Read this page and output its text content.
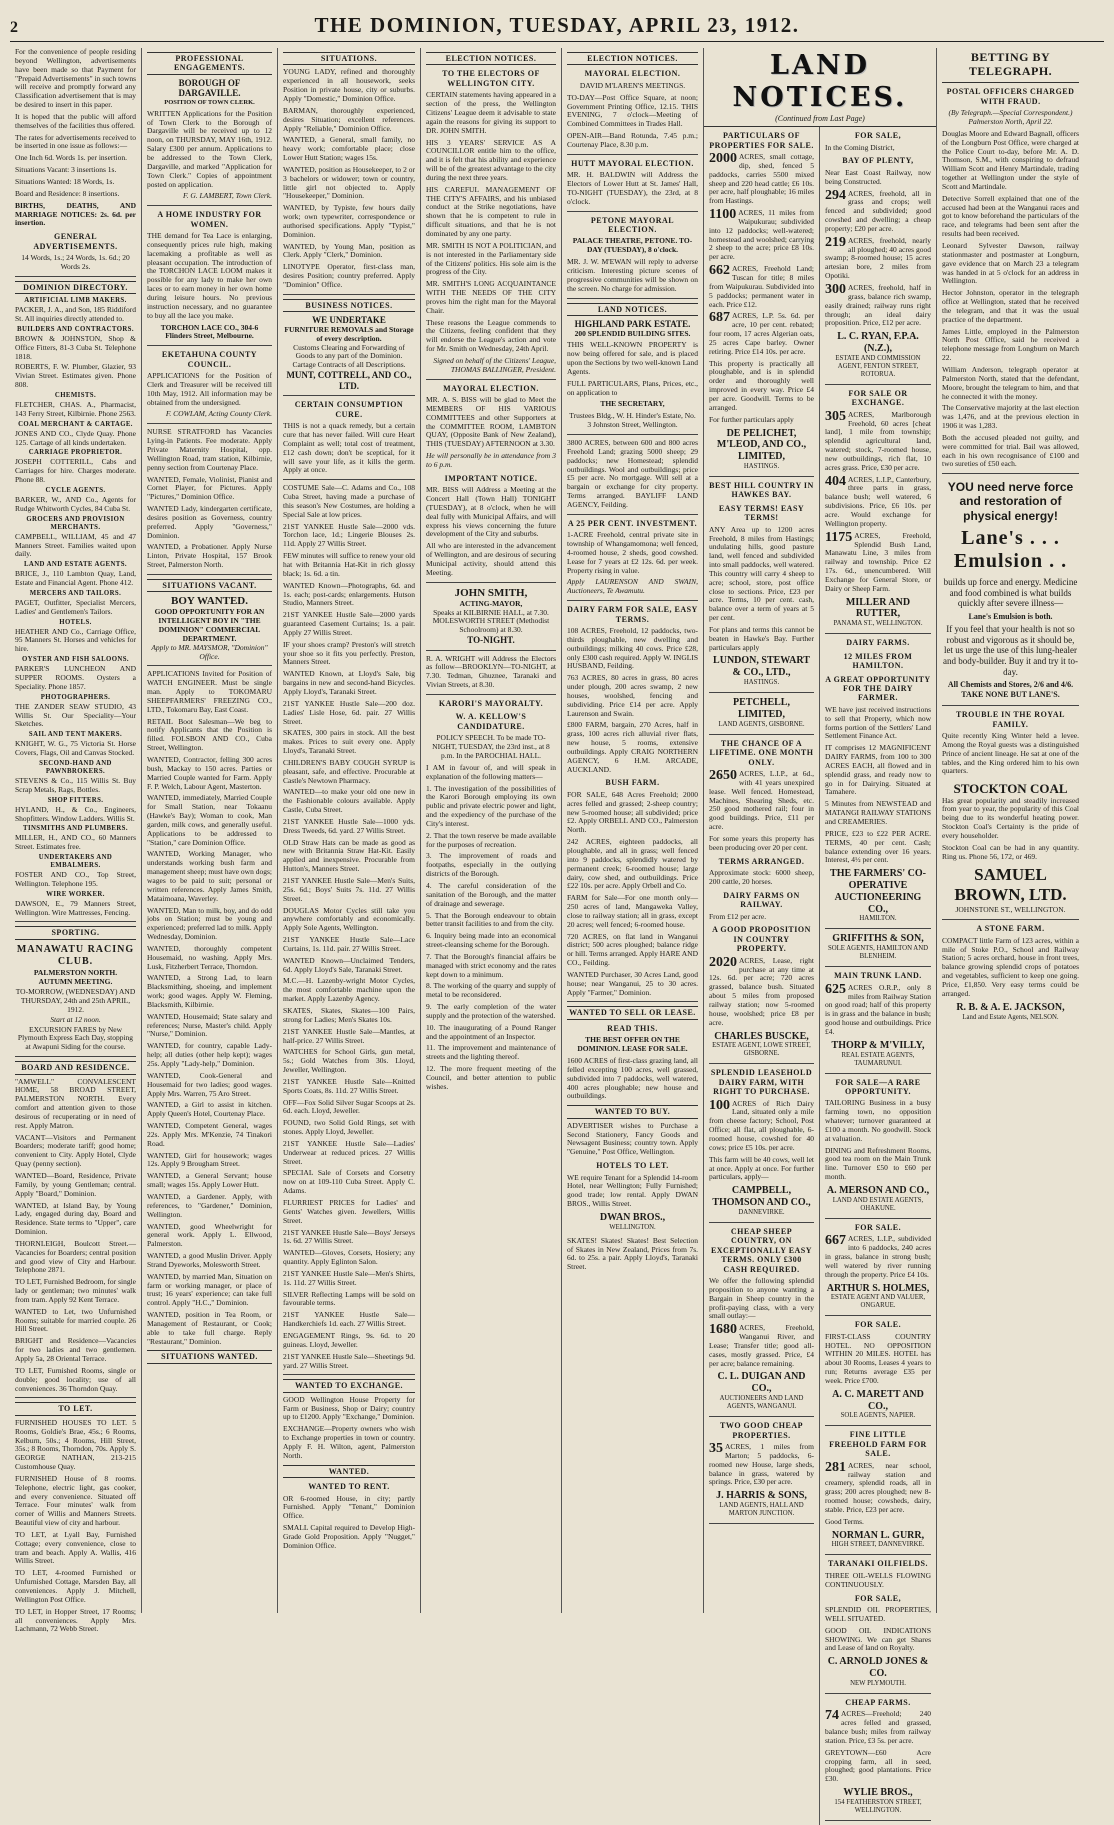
2	THE DOMINION, TUESDAY, APRIL 23, 1912.
For the convenience of people residing beyond Wellington, advertisements have been made so that Payment for "Prepaid Advertisements" in such towns will receive and promptly forward any Classification advertisement that is may be desired to insert in this paper.
It is hoped that the public will afford themselves of the facilities thus offered.
The rates for advertisements received to be inserted in one issue as follows:—
One Inch 6d. Words 1s. per insertion.
Situations Vacant: 3 insertions 1s.
Situations Wanted: 18 Words, 1s.
Board and Residence: 8 insertions.
BIRTHS, DEATHS, AND MARRIAGE NOTICES: 2s. 6d. per insertion.
GENERAL ADVERTISEMENTS.
14 Words, 1s.; 24 Words, 1s. 6d.; 20 Words 2s.
DOMINION DIRECTORY.
ARTIFICIAL LIMB MAKERS.
PACKER, J. A., and Son, 185 Riddiford St. All inquiries directly attended to.
BUILDERS AND CONTRACTORS.
BROWN & JOHNSTON, Shop & Office Fitters, 81-3 Cuba St. Telephone 1818.
ROBERTS, F. W. Plumber, Glazier, 93 Vivian Street. Estimates given. Phone 808.
CHEMISTS.
FLETCHER, CHAS. A., Pharmacist, 143 Ferry Street, Kilbirnie. Phone 2563.
COAL MERCHANT & CARTAGE.
JONES AND CO., Clyde Quay. Phone 125. Cartage of all kinds undertaken.
CARRIAGE PROPRIETOR.
JOSEPH COTTERILL, Cabs and Carriages for hire. Charges moderate. Phone 88.
CYCLE AGENTS.
BARKER, W., AND Co., Agents for Rudge Whitworth Cycles, 84 Cuba St.
GROCERS AND PROVISION MERCHANTS.
CAMPBELL, WILLIAM, 45 and 47 Manners Street. Families waited upon daily.
LAND AND ESTATE AGENTS.
BRICE, J., 110 Lambton Quay, Land, Estate and Financial Agent. Phone 412.
MERCERS AND TAILORS.
PAGET, Outfitter, Specialist Mercers, Ladies' and Gentlemen's Tailors.
HOTELS.
HEATHER AND Co., Carriage Office, 95 Manners St. Horses and vehicles for hire.
OYSTER AND FISH SALOONS.
PARKER'S LUNCHEON AND SUPPER ROOMS. Oysters a Speciality. Phone 1857.
PHOTOGRAPHERS.
THE ZANDER SEAW STUDIO, 43 Willis St. Our Speciality—Your Sketches.
SAIL AND TENT MAKERS.
KNIGHT, W. G., 75 Victoria St. Horse Covers, Flags, Oil and Canvas Stocked.
SECOND-HAND AND PAWNBROKERS.
STEVENS & Co., 115 Willis St. Buy Scrap Metals, Rags, Bottles.
SHOP FITTERS.
HYLAND, H., & Co., Engineers, Shopfitters. Window Ladders. Willis St.
TINSMITHS AND PLUMBERS.
MILLER, H., AND CO., 60 Manners Street. Estimates free.
UNDERTAKERS AND EMBALMERS.
FOSTER AND CO., Top Street, Wellington. Telephone 195.
WIRE WORKER.
DAWSON, E., 79 Manners Street, Wellington. Wire Mattresses, Fencing.
SPORTING.
MANAWATU RACING CLUB.
PALMERSTON NORTH.
AUTUMN MEETING.
TO-MORROW, (WEDNESDAY) AND THURSDAY, 24th and 25th APRIL, 1912.
Start at 12 noon.
EXCURSION FARES by New Plymouth Express Each Day, stopping at Awapuni Siding for the course.
BOARD AND RESIDENCE.
"AMWELL" CONVALESCENT HOME, 58 BROAD STREET, PALMERSTON NORTH. Every comfort and attention given to those desirous of recuperating or in need of rest. Apply Matron.
VACANT—Visitors and Permanent Boarders; moderate tariff; good home; convenient to City. Apply Hotel, Clyde Quay (penny section).
WANTED—Board, Residence, Private Family, by young Gentleman; central. Apply "Board," Dominion.
WANTED, at Island Bay, by Young Lady, engaged during day, Board and Residence. State terms to "Upper", care Dominion.
THORNLEIGH, Boulcott Street.—Vacancies for Boarders; central position and good view of City and Harbour. Telephone 2871.
TO LET, Furnished Bedroom, for single lady or gentleman; two minutes' walk from tram. Apply 92 Kent Terrace.
WANTED to Let, two Unfurnished Rooms; suitable for married couple. 26 Hill Street.
BRIGHT and Residence—Vacancies for two ladies and two gentlemen. Apply 5a, 28 Oriental Terrace.
TO LET, Furnished Rooms, single or double; good locality; use of all conveniences. 36 Thorndon Quay.
TO LET.
FURNISHED HOUSES TO LET. 5 Rooms, Goldie's Brae, 45s.; 6 Rooms, Kelburn, 50s.; 4 Rooms, Hill Street, 35s.; 8 Rooms, Thorndon, 70s. Apply S. GEORGE NATHAN, 213-215 Customhouse Quay.
FURNISHED House of 8 rooms. Telephone, electric light, gas cooker, and every convenience. Situated off Terrace. Four minutes' walk from corner of Willis and Manners Streets. Beautiful view of city and harbour.
TO LET, at Lyall Bay, Furnished Cottage; every convenience, close to tram and beach. Apply A. Wallis, 416 Willis Street.
TO LET, 4-roomed Furnished or Unfurnished Cottage, Marsden Bay, all conveniences. Apply J. Mitchell, Wellington Post Office.
TO LET, in Hopper Street, 17 Rooms; all conveniences. Apply Mrs. Lachmann, 72 Webb Street.
PROFESSIONAL ENGAGEMENTS.
BOROUGH OF DARGAVILLE.
POSITION OF TOWN CLERK.
WRITTEN Applications for the Position of Town Clerk to the Borough of Dargaville will be received up to 12 noon, on THURSDAY, MAY 16th, 1912. Salary £300 per annum. Applications to be addressed to the Town Clerk, Dargaville, and marked "Application for Town Clerk." Copies of appointment posted on application.
F. G. LAMBERT, Town Clerk.
A HOME INDUSTRY FOR WOMEN.
THE demand for Tea Lace is enlarging, consequently prices rule high, making lacemaking a profitable as well as pleasant occupation. The introduction of the TORCHON LACE LOOM makes it possible for any lady to make her own laces or to earn money in her own home during leisure hours. No previous instruction necessary, and no guarantee to buy all the lace you make.
TORCHON LACE CO., 304-6 Flinders Street, Melbourne.
EKETAHUNA COUNTY COUNCIL.
APPLICATIONS for the Position of Clerk and Treasurer will be received till 10th May, 1912. All information may be obtained from the undersigned.
F. COWLAM, Acting County Clerk.
NURSE STRATFORD has Vacancies Lying-in Patients. Fee moderate. Apply Private Maternity Hospital, opp. Wellington Road, tram station, Kilbirnie, penny section from Courtenay Place.
WANTED, Female, Violinist, Pianist and Cornet Player, for Pictures. Apply "Pictures," Dominion Office.
WANTED Lady, kindergarten certificate, desires position as Governess, country preferred. Apply "Governess," Dominion.
WANTED, a Probationer. Apply Nurse Linton, Private Hospital, 157 Brook Street, Palmerston North.
SITUATIONS VACANT.
BOY WANTED.
GOOD OPPORTUNITY FOR AN INTELLIGENT BOY IN "THE DOMINION" COMMERCIAL DEPARTMENT.
Apply to MR. MAYSMOR, "Dominion" Office.
APPLICATIONS Invited for Position of WATCH ENGINEER. Must be single man. Apply to TOKOMARU SHEEPFARMERS' FREEZING CO., LTD., Tokomaru Bay, East Coast.
RETAIL Boot Salesman—We beg to notify Applicants that the Position is filled. FOLSBON AND CO., Cuba Street, Wellington.
WANTED, Contractor, felling 300 acres bush, Mackay to 150 acres. Parties or Married Couple wanted for Farm. Apply F. P. Welch, Labour Agent, Masterton.
WANTED, immediately, Married Couple for Small Station, near Tokaanu (Hawke's Bay); Woman to cook, Man garden, milk cows, and generally useful. Applications to be addressed to "Station," care Dominion Office.
WANTED, Working Manager, who understands working bush farm and management sheep; must have own dogs; wages to be paid to suit; personal or written references. Apply James Smith, Mataimoana, Waverley.
WANTED, Man to milk, boy, and do odd jobs on Station; must be young and experienced; preferred lad to milk. Apply Wednesday, Dominion.
WANTED, thoroughly competent Housemaid, no washing. Apply Mrs. Lusk, Fitzherbert Terrace, Thorndon.
WANTED, a Strong Lad, to learn Blacksmithing, shoeing, and implement work; good wages. Apply W. Fleming, Blacksmith, Kilbirnie.
WANTED, Housemaid; State salary and references; Nurse, Master's child. Apply "Nurse," Dominion.
WANTED, for country, capable Lady-help; all duties (other help kept); wages 25s. Apply "Lady-help," Dominion.
WANTED, Cook-General and Housemaid for two ladies; good wages. Apply Mrs. Warren, 75 Aro Street.
WANTED, a Girl to assist in kitchen. Apply Queen's Hotel, Courtenay Place.
WANTED, Competent General, wages 22s. Apply Mrs. M'Kenzie, 74 Tinakori Road.
WANTED, Girl for housework; wages 12s. Apply 9 Brougham Street.
WANTED, a General Servant; house small; wages 15s. Apply Lower Hutt.
WANTED, a Gardener. Apply, with references, to "Gardener," Dominion, Wellington.
WANTED, good Wheelwright for general work. Apply L. Ellwood, Palmerston.
WANTED, a good Muslin Driver. Apply Strand Dyeworks, Molesworth Street.
WANTED, by married Man, Situation on farm or working manager, or place of trust; 16 years' experience; can take full control. Apply "H.C.," Dominion.
WANTED, position in Tea Room, or Management of Restaurant, or Cook; able to take full charge. Reply "Restaurant," Dominion.
SITUATIONS WANTED.
SITUATIONS.
YOUNG LADY, refined and thoroughly experienced in all housework, seeks Position in private house, city or suburbs. Apply "Domestic," Dominion Office.
BARMAN, thoroughly experienced, desires Situation; excellent references. Apply "Reliable," Dominion Office.
WANTED, a General, small family, no heavy work; comfortable place; close Lower Hutt Station; wages 15s.
WANTED, position as Housekeeper, to 2 or 3 bachelors or widower; town or country, little girl not objected to. Apply "Housekeeper," Dominion.
WANTED, by Typiste, few hours daily work; own typewriter, correspondence or authorised specifications. Apply "Typist," Dominion.
WANTED, by Young Man, position as Clerk. Apply "Clerk," Dominion.
LINOTYPE Operator, first-class man, desires Position; country preferred. Apply "Dominion" Office.
BUSINESS NOTICES.
WE UNDERTAKE
FURNITURE REMOVALS and Storage of every description.
Customs Clearing and Forwarding of Goods to any part of the Dominion. Cartage Contracts of all Descriptions.
MUNT, COTTRELL, AND CO., LTD.
CERTAIN CONSUMPTION CURE.
THIS is not a quack remedy, but a certain cure that has never failed. Will cure Heart Complaint as well; total cost of treatment, £12 cash down; don't be sceptical, for it will save your life, as it kills the germ. Apply at once.
COSTUME Sale—C. Adams and Co., 108 Cuba Street, having made a purchase of this season's New Costumes, are holding a Special Sale at low prices.
21ST YANKEE Hustle Sale—2000 vds. Torchon lace, 1d.; Lingerie Blouses 2s. 11d. Apply 27 Willis Street.
FEW minutes will suffice to renew your old hat with Britannia Hat-Kit in rich glossy black; 1s. 6d. a tin.
WANTED Known—Photographs, 6d. and 1s. each; post-cards; enlargements. Hutson Studio, Manners Street.
21ST YANKEE Hustle Sale—2000 yards guaranteed Casement Curtains; 1s. a pair. Apply 27 Willis Street.
IF your shoes cramp? Preston's will stretch your shoe so it fits you perfectly. Preston, Manners Street.
WANTED Known, at Lloyd's Sale, big bargains in new and second-hand Bicycles. Apply Lloyd's, Taranaki Street.
21ST YANKEE Hustle Sale—200 doz. Ladies' Lisle Hose, 6d. pair. 27 Willis Street.
SKATES, 300 pairs in stock. All the best makes. Prices to suit every one. Apply Lloyd's, Taranaki Street.
CHILDREN'S BABY COUGH SYRUP is pleasant, safe, and effective. Procurable at Castle's Newtown Pharmacy.
WANTED—to make your old one new in the Fashionable colours available. Apply Castle, Cuba Street.
21ST YANKEE Hustle Sale—1000 yds. Dress Tweeds, 6d. yard. 27 Willis Street.
OLD Straw Hats can be made as good as new with Britannia Straw Hat-Kit. Easily applied and inexpensive. Procurable from Hutton's, Manners Street.
21ST YANKEE Hustle Sale—Men's Suits, 25s. 6d.; Boys' Suits 7s. 11d. 27 Willis Street.
DOUGLAS Motor Cycles still take you anywhere comfortably and economically. Apply Sole Agents, Wellington.
21ST YANKEE Hustle Sale—Lace Curtains, 1s. 11d. pair. 27 Willis Street.
WANTED Known—Unclaimed Tenders, 6d. Apply Lloyd's Sale, Taranaki Street.
M.C.—H. Lazenby-wright Motor Cycles, the most comfortable machine upon the market. Apply Lazenby Agency.
SKATES, Skates, Skates—100 Pairs, strong for Ladies; Men's Skates 10s.
21ST YANKEE Hustle Sale—Mantles, at half-price. 27 Willis Street.
WATCHES for School Girls, gun metal, 5s.; Gold Watches from 30s. Lloyd, Jeweller, Wellington.
21ST YANKEE Hustle Sale—Knitted Sports Coats, 8s. 11d. 27 Willis Street.
OFF—Fox Solid Silver Sugar Scoops at 2s. 6d. each. Lloyd, Jeweller.
FOUND, two Solid Gold Rings, set with stones. Apply Lloyd, Jeweller.
21ST YANKEE Hustle Sale—Ladies' Underwear at reduced prices. 27 Willis Street.
SPECIAL Sale of Corsets and Corsetry now on at 109-110 Cuba Street. Apply C. Adams.
FLURRIEST PRICES for Ladies' and Gents' Watches given. Jewellers, Willis Street.
21ST YANKEE Hustle Sale—Boys' Jerseys 1s. 6d. 27 Willis Street.
WANTED—Gloves, Corsets, Hosiery; any quantity. Apply Eglinton Salon.
21ST YANKEE Hustle Sale—Men's Shirts, 1s. 11d. 27 Willis Street.
SILVER Reflecting Lamps will be sold on favourable terms.
21ST YANKEE Hustle Sale—Handkerchiefs 1d. each. 27 Willis Street.
ENGAGEMENT Rings, 9s. 6d. to 20 guineas. Lloyd, Jeweller.
21ST YANKEE Hustle Sale—Sheetings 9d. yard. 27 Willis Street.
WANTED TO EXCHANGE.
GOOD Wellington House Property for Farm or Business, Shop or Dairy; country up to £1200. Apply "Exchange," Dominion.
EXCHANGE—Property owners who wish to Exchange properties in town or country. Apply F. H. Wilton, agent, Palmerston North.
WANTED.
WANTED TO RENT.
OR 6-roomed House, in city; partly Furnished. Apply "Tenant," Dominion Office.
SMALL Capital required to Develop High-Grade Gold Proposition. Apply "Nugget," Dominion Office.
ELECTION NOTICES.
TO THE ELECTORS OF WELLINGTON CITY.
CERTAIN statements having appeared in a section of the press, the Wellington Citizens' League deem it advisable to state again the reasons for giving its support to DR. JOHN SMITH.
HIS 3 YEARS' SERVICE AS A COUNCILLOR entitle him to the office, and it is felt that his ability and experience will be of the greatest advantage to the city during the next three years.
HIS CAREFUL MANAGEMENT OF THE CITY'S AFFAIRS, and his unbiased conduct at the Strike negotiations, have shown that he is competent to rule in difficult situations, and that he is not dominated by any one party.
MR. SMITH IS NOT A POLITICIAN, and is not interested in the Parliamentary side of the Citizens' politics. His sole aim is the progress of the City.
MR. SMITH'S LONG ACQUAINTANCE WITH THE NEEDS OF THE CITY proves him the right man for the Mayoral Chair.
These reasons the League commends to the Citizens, feeling confident that they will endorse the League's action and vote for Mr. Smith on Wednesday, 24th April.
Signed on behalf of the Citizens' League, THOMAS BALLINGER, President.
MAYORAL ELECTION.
MR. A. S. BISS will be glad to Meet the MEMBERS OF HIS VARIOUS COMMITTEES and other Supporters at the COMMITTEE ROOM, LAMBTON QUAY, (Opposite Bank of New Zealand), THIS (TUESDAY) AFTERNOON at 3.30.
He will personally be in attendance from 3 to 6 p.m.
IMPORTANT NOTICE.
MR. BISS will Address a Meeting at the Concert Hall (Town Hall) TONIGHT (TUESDAY), at 8 o'clock, when he will deal fully with Municipal Affairs, and will express his views concerning the future development of the City and suburbs.
All who are interested in the advancement of Wellington, and are desirous of securing Municipal activity, should attend this Meeting.
JOHN SMITH,
ACTING-MAYOR,
Speaks at KILBIRNIE HALL, at 7.30. MOLESWORTH STREET (Methodist Schoolroom) at 8.30.
TO-NIGHT.
R. A. WRIGHT will Address the Electors as follow—BROOKLYN—TO-NIGHT, at 7.30. Tedman, Ghuznee, Taranaki and Vivian Streets, at 8.30.
KARORI'S MAYORALTY.
W. A. KELLOW'S CANDIDATURE.
POLICY SPEECH. To be made TO-NIGHT, TUESDAY, the 23rd inst., at 8 p.m. In the PAROCHIAL HALL.
I AM in favour of, and will speak in explanation of the following matters—
1. The investigation of the possibilities of the Karori Borough employing its own public and private electric power and light, and the expediency of the purchase of the City's interest.
2. That the town reserve be made available for the purposes of recreation.
3. The improvement of roads and footpaths, especially in the outlying districts of the Borough.
4. The careful consideration of the sanitation of the Borough, and the matter of drainage and sewerage.
5. That the Borough endeavour to obtain better transit facilities to and from the city.
6. Inquiry being made into an economical street-cleansing scheme for the Borough.
7. That the Borough's financial affairs be managed with strict economy and the rates kept down to a minimum.
8. The working of the quarry and supply of metal to be reconsidered.
9. The early completion of the water supply and the protection of the watershed.
10. The inaugurating of a Pound Ranger and the appointment of an Inspector.
11. The improvement and maintenance of streets and the lighting thereof.
12. The more frequent meeting of the Council, and better attention to public wishes.
ELECTION NOTICES.
MAYORAL ELECTION.
DAVID M'LAREN'S MEETINGS.
TO-DAY—Post Office Square, at noon; Government Printing Office, 12.15. THIS EVENING, 7 o'clock—Meeting of Combined Committees in Trades Hall.
OPEN-AIR—Band Rotunda, 7.45 p.m.; Courtenay Place, 8.30 p.m.
HUTT MAYORAL ELECTION.
MR. H. BALDWIN will Address the Electors of Lower Hutt at St. James' Hall, TO-NIGHT (TUESDAY), the 23rd, at 8 o'clock.
PETONE MAYORAL ELECTION.
PALACE THEATRE, PETONE. TO-DAY (TUESDAY), 8 o'clock.
MR. J. W. M'EWAN will reply to adverse criticism. Interesting picture scenes of progressive communities will be shown on the screen. No charge for admission.
LAND NOTICES.
HIGHLAND PARK ESTATE.
200 SPLENDID BUILDING SITES.
THIS WELL-KNOWN PROPERTY is now being offered for sale, and is placed upon the Sections by two well-known Land Agents.
FULL PARTICULARS, Plans, Prices, etc., on application to
THE SECRETARY,
Trustees Bldg., W. H. Hinder's Estate, No. 3 Johnston Street, Wellington.
3800 ACRES, between 600 and 800 acres Freehold Land; grazing 5000 sheep; 29 paddocks; new Homestead; splendid outbuildings. Wool and outbuildings; price £5 per acre. No mortgage. Will sell at a bargain or exchange for city property. Terms arranged. BAYLIFF LAND AGENCY, Feilding.
A 25 PER CENT. INVESTMENT.
1-ACRE Freehold, central private site in township of Whangamomona; well fenced, 4-roomed house, 2 sheds, good cowshed. Lease for 7 years at £2 12s. 6d. per week. Property rising in value.
Apply LAURENSON AND SWAIN, Auctioneers, Te Awamutu.
DAIRY FARM FOR SALE, EASY TERMS.
108 ACRES, Freehold, 12 paddocks, two-thirds ploughable, new dwelling and outbuildings; milking 40 cows. Price £28, only £300 cash required. Apply W. INGLIS HUSBAND, Feilding.
763 ACRES, 80 acres in grass, 80 acres under plough, 200 acres swamp, 2 new houses, woolshed, fencing and subdividing. Price £14 per acre. Apply Laurenson and Swain.
£800 FARM, bargain, 270 Acres, half in grass, 100 acres rich alluvial river flats, new house, 5 rooms, extensive outbuildings. Apply CRAIG NORTHERN AGENCY, 6 H.M. ARCADE, AUCKLAND.
BUSH FARM.
FOR SALE, 648 Acres Freehold; 2000 acres felled and grassed; 2-sheep country; new 5-roomed house; all subdivided; price £2. Apply ORBELL AND CO., Palmerston North.
242 ACRES, eighteen paddocks, all ploughable, and all in grass; well fenced into 9 paddocks, splendidly watered by permanent creek; 6-roomed house; large dairy, cow shed, and outbuildings. Price £22 10s. per acre. Apply Orbell and Co.
FARM for Sale—For one month only—250 acres of land, Mangaweka Valley, close to railway station; all in grass, except 20 acres; well fenced; 6-roomed house.
720 ACRES, on flat land in Wanganui district; 500 acres ploughed; balance ridge or hill. Terms arranged. Apply HARE AND CO., Feilding.
WANTED Purchaser, 30 Acres Land, good house; near Wanganui, 25 to 30 acres. Apply "Farmer," Dominion.
WANTED TO SELL OR LEASE.
READ THIS.
THE BEST OFFER ON THE DOMINION. LEASE FOR SALE.
1600 ACRES of first-class grazing land, all felled excepting 100 acres, well grassed, subdivided into 7 paddocks, well watered, 400 acres ploughable; new house and outbuildings.
WANTED TO BUY.
ADVERTISER wishes to Purchase a Second Stationery, Fancy Goods and Newsagent Business; country town. Apply "Genuine," Post Office, Wellington.
HOTELS TO LET.
WE require Tenant for a Splendid 14-room Hotel, near Wellington; Fully Furnished; good trade; low rental. Apply DWAN BROS., Willis Street.
DWAN BROS.,
WELLINGTON.
SKATES! Skates! Skates! Best Selection of Skates in New Zealand, Prices from 7s. 6d. to 25s. a pair. Apply Lloyd's, Taranaki Street.
LAND NOTICES.
(Continued from Last Page)
PARTICULARS OF PROPERTIES FOR SALE.
2000 ACRES, small cottage, dip, shed, fenced 5 paddocks, carries 5500 mixed sheep and 220 head cattle; £6 10s. per acre, half ploughable; 16 miles from Hastings.
1100 ACRES, 11 miles from Waipukurau; subdivided into 12 paddocks; well-watered; homestead and woolshed; carrying 2 sheep to the acre; price £8 10s. per acre.
662 ACRES, Freehold Land; Tuscan for title; 8 miles from Waipukurau. Subdivided into 5 paddocks; permanent water in each. Price £12.
687 ACRES, L.P. 5s. 6d. per acre, 10 per cent. rebated; four room, 17 acres Algerian oats, 25 acres Cape barley. Owner retiring. Price £14 10s. per acre.
This property is practically all ploughable, and is in splendid order and thoroughly well improved in every way. Price £4 per acre. Goodwill. Terms to be arranged.
For further particulars apply
DE PELICHET, M'LEOD, AND CO., LIMITED,
HASTINGS.
BEST HILL COUNTRY IN HAWKES BAY.
EASY TERMS! EASY TERMS!
ANY Area up to 1200 acres Freehold, 8 miles from Hastings; undulating hills, good pasture land, well fenced and subdivided into small paddocks, well watered. This country will carry 4 sheep to acre; school, store, post office close to sections. Price, £23 per acre. Terms, 10 per cent. cash, balance over a term of years at 5 per cent.
For plans and terms this cannot be beaten in Hawke's Bay. Further particulars apply
LUNDON, STEWART & CO., LTD.,
HASTINGS.
PETCHELL, LIMITED,
LAND AGENTS, GISBORNE.
THE CHANCE OF A LIFETIME. ONE MONTH ONLY.
2650 ACRES, L.I.P., at 6d., with 41 years unexpired lease. Well fenced. Homestead, Machines, Shearing Sheds, etc. 250 good mothered rail; four in good buildings. Price, £11 per acre.
For some years this property has been producing over 20 per cent.
TERMS ARRANGED.
Approximate stock: 6000 sheep, 200 cattle, 20 horses.
DAIRY FARMS ON RAILWAY.
From £12 per acre.
A GOOD PROPOSITION IN COUNTRY PROPERTY.
2020 ACRES, Lease, right purchase at any time at 12s. 6d. per acre; 720 acres grassed, balance bush. Situated about 5 miles from proposed railway station; now 5-roomed house, woolshed; price £8 per acre.
CHARLES BUSCKE,
ESTATE AGENT, LOWE STREET, GISBORNE.
SPLENDID LEASEHOLD DAIRY FARM, WITH RIGHT TO PURCHASE.
100 ACRES of Rich Dairy Land, situated only a mile from cheese factory; School, Post Office; all flat, all ploughable, 6-roomed house, cowshed for 40 cows; price £5 10s. per acre.
This farm will be 40 cows, well let at once. Apply at once. For further particulars, apply—
CAMPBELL, THOMSON AND CO.,
DANNEVIRKE.
CHEAP SHEEP COUNTRY, ON EXCEPTIONALLY EASY TERMS. ONLY £300 CASH REQUIRED.
We offer the following splendid proposition to anyone wanting a Bargain in Sheep country in the profit-paying class, with a very small outlay:—
1680 ACRES, Freehold, Wanganui River, and Lease; Transfer title; good all-cases, mostly grassed. Price, £4 per acre; balance remaining.
C. L. DUIGAN AND CO.,
AUCTIONEERS AND LAND AGENTS, WANGANUI.
TWO GOOD CHEAP PROPERTIES.
35 ACRES, 1 miles from Marton; 5 paddocks, 6-roomed new House, large sheds, balance in grass, watered by springs. Price, £30 per acre.
J. HARRIS & SONS,
LAND AGENTS, HALL AND MARTON JUNCTION.
FOR SALE,
In the Coming District,
BAY OF PLENTY,
Near East Coast Railway, now being Constructed.
294 ACRES, freehold, all in grass and crops; well fenced and subdivided; good cowshed and dwelling; a cheap property; £20 per acre.
219 ACRES, freehold, nearly all ploughed; 40 acres good swamp; 8-roomed house; 15 acres artesian bore, 2 miles from Opotiki.
300 ACRES, freehold, half in grass, balance rich swamp, easily drained; railway runs right through; an ideal dairy proposition. Price, £12 per acre.
L. C. RYAN, F.P.A. (N.Z.),
ESTATE AND COMMISSION AGENT, FENTON STREET, ROTORUA.
FOR SALE OR EXCHANGE.
305 ACRES, Marlborough Freehold, 60 acres [cheat land], 1 mile from township; splendid agricultural land, watered; stock, 7-roomed house, new outbuildings, rich flat, 10 acres grass. Price, £30 per acre.
404 ACRES, L.I.P., Canterbury, three parts in grass, balance bush; well watered, 6 subdivisions. Price, £6 10s. per acre. Would exchange for Wellington property.
1175 ACRES, Freehold, Splendid Bush Land, Manawatu Line, 3 miles from railway and township. Price £2 17s. 6d., unencumbered. Will Exchange for General Store, or Dairy or Sheep Farm.
MILLER AND RUTTER,
PANAMA ST., WELLINGTON.
DAIRY FARMS.
12 MILES FROM HAMILTON.
A GREAT OPPORTUNITY FOR THE DAIRY FARMER.
WE have just received instructions to sell that Property, which now forms portion of the Settlers' Land Settlement Finance Act.
IT comprises 12 MAGNIFICENT DAIRY FARMS, from 100 to 300 ACRES EACH, all flowed and in splendid grass, and ready now to go in for Dairying. Situated at Tamahere.
5 Minutes from NEWSTEAD and MATANGI RAILWAY STATIONS and CREAMERIES.
PRICE, £23 to £22 PER ACRE. TERMS, 40 per cent. Cash; balance extending over 16 years. Interest, 4½ per cent.
THE FARMERS' CO-OPERATIVE AUCTIONEERING CO.,
HAMILTON.
GRIFFITHS & SON,
SOLE AGENTS, HAMILTON AND BLENHEIM.
MAIN TRUNK LAND.
625 ACRES O.R.P., only 8 miles from Railway Station on good road; half of this property is in grass and the balance in bush; good house and outbuildings. Price £4.
THORP & M'VILLY,
REAL ESTATE AGENTS, TAUMARUNUI.
FOR SALE—A RARE OPPORTUNITY.
TAILORING Business in a busy farming town, no opposition whatever; turnover guaranteed at £100 a month. No goodwill. Stock at valuation.
DINING and Refreshment Rooms, good tea room on the Main Trunk line. Turnover £50 to £60 per month.
A. MERSON AND CO.,
LAND AND ESTATE AGENTS, OHAKUNE.
FOR SALE.
667 ACRES, L.I.P., subdivided into 6 paddocks, 240 acres in grass, balance in strong bush; well watered by river running through the property. Price £4 10s.
ARTHUR S. HOLMES,
ESTATE AGENT AND VALUER, ONGARUE.
FOR SALE.
FIRST-CLASS COUNTRY HOTEL. NO OPPOSITION WITHIN 20 MILES. HOTEL has about 30 Rooms, Leases 4 years to run; Returns average £35 per week. Price £700.
A. C. MARETT AND CO.,
SOLE AGENTS, NAPIER.
FINE LITTLE FREEHOLD FARM FOR SALE.
281 ACRES, near school, railway station and creamery, splendid roads, all in grass; 200 acres ploughed; new 8-roomed house; cowsheds, dairy, stable. Price, £23 per acre.
Good Terms.
NORMAN L. GURR,
HIGH STREET, DANNEVIRKE.
TARANAKI OILFIELDS.
THREE OIL-WELLS FLOWING CONTINUOUSLY.
FOR SALE,
SPLENDID OIL PROPERTIES, WELL SITUATED.
GOOD OIL INDICATIONS SHOWING. We can get Shares and Lease of land on Royalty.
C. ARNOLD JONES & CO.
NEW PLYMOUTH.
CHEAP FARMS.
74 ACRES—Freehold; 240 acres felled and grassed, balance bush; miles from railway station. Price, £3 5s. per acre.
GREYTOWN—£60 Acre cropping farm, all in seed, ploughed; good plantations. Price £30.
WYLIE BROS.,
154 FEATHERSTON STREET, WELLINGTON.
BETTING BY TELEGRAPH.
POSTAL OFFICERS CHARGED WITH FRAUD.
(By Telegraph.—Special Correspondent.) Palmerston North, April 22.
Douglas Moore and Edward Bagnall, officers of the Longburn Post Office, were charged at the Police Court to-day, before Mr. A. D. Thomson, S.M., with conspiring to defraud William Scott and Henry Martindale, trading together at Wellington under the style of Scott and Martindale.
Detective Sorrell explained that one of the accused had been at the Wanganui races and got to know beforehand the particulars of the race, and telegrams had been sent after the results had been received.
Leonard Sylvester Dawson, railway stationmaster and postmaster at Longburn, gave evidence that on March 23 a telegram was handed in at 5 o'clock for an address in Wellington.
Hector Johnston, operator in the telegraph office at Wellington, stated that he received the telegram, and that it was the usual practice of the department.
James Little, employed in the Palmerston North Post Office, said he received a telephone message from Longburn on March 22.
William Anderson, telegraph operator at Palmerston North, stated that the defendant, Moore, brought the telegram to him, and that he connected it with the money.
The Conservative majority at the last election was 1,476, and at the previous election in 1906 it was 1,283.
Both the accused pleaded not guilty, and were committed for trial. Bail was allowed, each in his own recognisance of £100 and two sureties of £50 each.
YOU need nerve force and restoration of physical energy!
Lane's . . . Emulsion . .
builds up force and energy. Medicine and food combined is what builds quickly after severe illness—
Lane's Emulsion is both.
If you feel that your health is not so robust and vigorous as it should be, let us urge the use of this lung-healer and body-builder. Buy it and try it to-day.
All Chemists and Stores, 2/6 and 4/6.
TAKE NONE BUT LANE'S.
TROUBLE IN THE ROYAL FAMILY.
Quite recently King Winter held a levee. Among the Royal guests was a distinguished Prince of ancient lineage. He sat at one of the tables, and the King ordered him to his own quarters.
STOCKTON COAL
Has great popularity and steadily increased from year to year, the popularity of this Coal being due to its wonderful heating power. Stockton Coal's Certainty is the pride of every householder.
Stockton Coal can be had in any quantity. Ring us. Phone 56, 172, or 469.
SAMUEL BROWN, LTD.
JOHNSTONE ST., WELLINGTON.
A STONE FARM.
COMPACT little Farm of 123 acres, within a mile of Stoke P.O., School and Railway Station; 5 acres orchard, house in front trees, balance growing splendid crops of potatoes and vegetables, sufficient to keep one going. Price, £1,850. Very easy terms could be arranged.
R. B. & A. E. JACKSON,
Land and Estate Agents, NELSON.
